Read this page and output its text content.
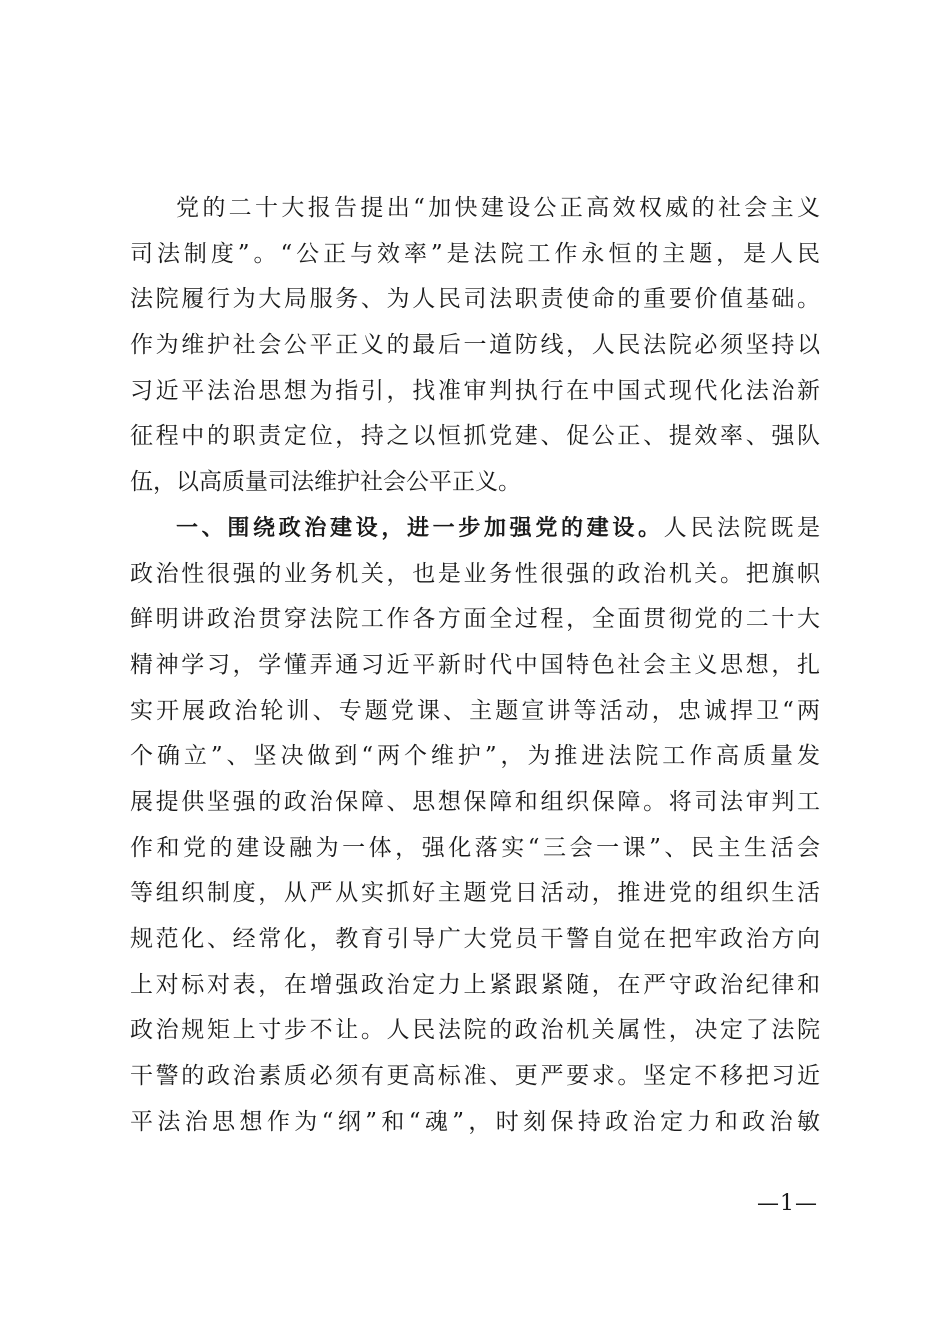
党的二十大报告提出“加快建设公正高效权威的社会主义
司法制度”。“公正与效率”是法院工作永恒的主题，是人民
法院履行为大局服务、为人民司法职责使命的重要价值基础。
作为维护社会公平正义的最后一道防线，人民法院必须坚持以
习近平法治思想为指引，找准审判执行在中国式现代化法治新
征程中的职责定位，持之以恒抓党建、促公正、提效率、强队
伍，以高质量司法维护社会公平正义。
一、围绕政治建设，进一步加强党的建设。人民法院既是
政治性很强的业务机关，也是业务性很强的政治机关。把旗帜
鲜明讲政治贯穿法院工作各方面全过程，全面贯彻党的二十大
精神学习，学懂弄通习近平新时代中国特色社会主义思想，扎
实开展政治轮训、专题党课、主题宣讲等活动，忠诚捍卫“两
个确立”、坚决做到“两个维护”，为推进法院工作高质量发
展提供坚强的政治保障、思想保障和组织保障。将司法审判工
作和党的建设融为一体，强化落实“三会一课”、民主生活会
等组织制度，从严从实抓好主题党日活动，推进党的组织生活
规范化、经常化，教育引导广大党员干警自觉在把牢政治方向
上对标对表，在增强政治定力上紧跟紧随，在严守政治纪律和
政治规矩上寸步不让。人民法院的政治机关属性，决定了法院
干警的政治素质必须有更高标准、更严要求。坚定不移把习近
平法治思想作为“纲”和“魂”，时刻保持政治定力和政治敏
—1—
